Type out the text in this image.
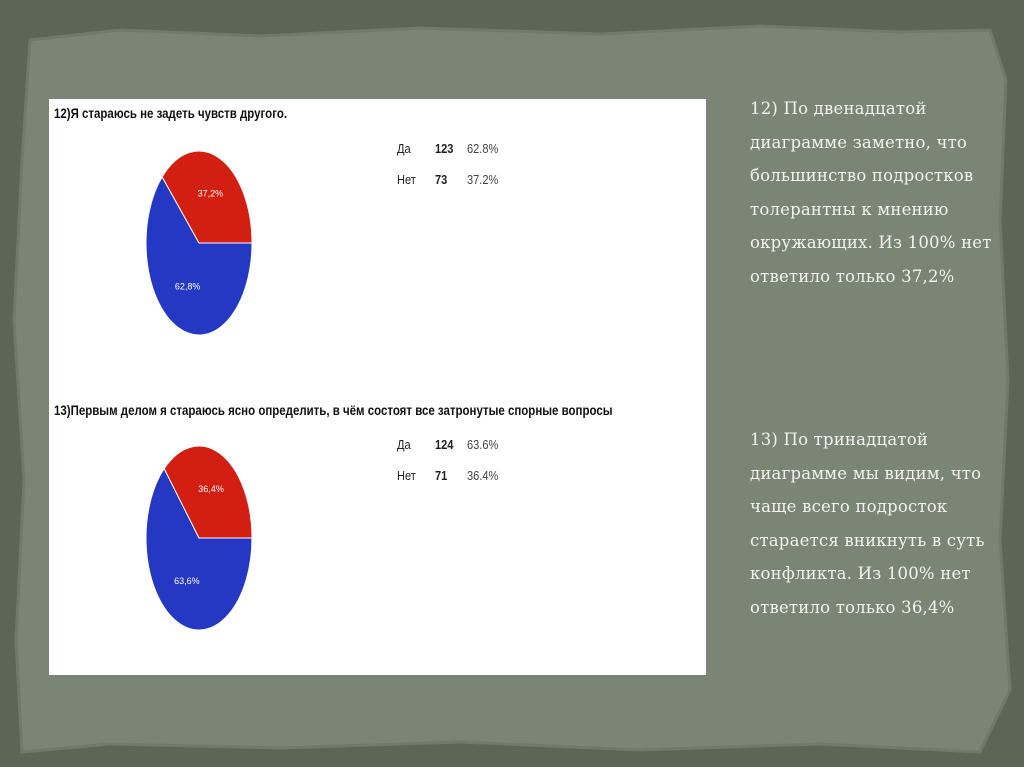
12)Я стараюсь не задеть чувств другого.
62,8%
37,2%
Да 123 62.8%
Нет 73 37.2%
13)Первым делом я стараюсь ясно определить, в чём состоят все затронутые спорные вопросы
63,6%
36,4%
Да 124 63.6%
Нет 71 36.4%
12) По двенадцатой диаграмме заметно, что большинство подростков толерантны к мнению окружающих. Из 100% нет ответило только 37,2%
13) По тринадцатой диаграмме мы видим, что чаще всего подросток старается вникнуть в суть конфликта. Из 100% нет ответило только 36,4%
